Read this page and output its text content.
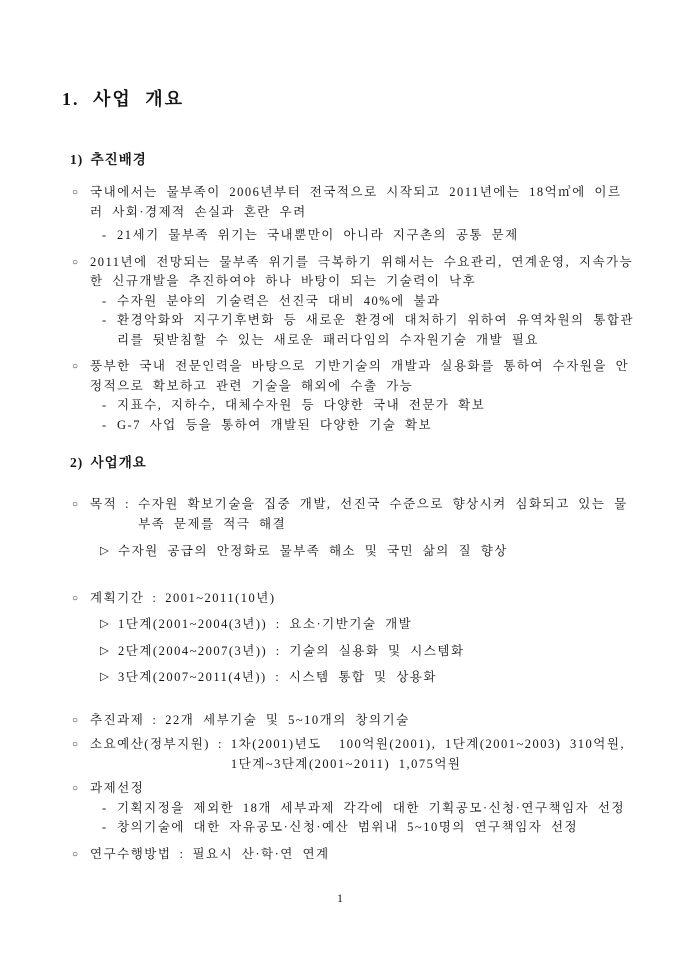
1. 사업 개요
1) 추진배경
○ 국내에서는 물부족이 2006년부터 전국적으로 시작되고 2011년에는 18억㎥에 이르러 사회·경제적 손실과 혼란 우려
- 21세기 물부족 위기는 국내뿐만이 아니라 지구촌의 공통 문제
○ 2011년에 전망되는 물부족 위기를 극복하기 위해서는 수요관리, 연계운영, 지속가능한 신규개발을 추진하여야 하나 바탕이 되는 기술력이 낙후
- 수자원 분야의 기술력은 선진국 대비 40%에 불과
- 환경악화와 지구기후변화 등 새로운 환경에 대처하기 위하여 유역차원의 통합관리를 뒷받침할 수 있는 새로운 패러다임의 수자원기술 개발 필요
○ 풍부한 국내 전문인력을 바탕으로 기반기술의 개발과 실용화를 통하여 수자원을 안정적으로 확보하고 관련 기술을 해외에 수출 가능
- 지표수, 지하수, 대체수자원 등 다양한 국내 전문가 확보
- G-7 사업 등을 통하여 개발된 다양한 기술 확보
2) 사업개요
○ 목적 : 수자원 확보기술을 집중 개발, 선진국 수준으로 향상시켜 심화되고 있는 물부족 문제를 적극 해결
▷ 수자원 공급의 안정화로 물부족 해소 및 국민 삶의 질 향상
○ 계획기간 : 2001~2011(10년)
▷ 1단계(2001~2004(3년)) : 요소·기반기술 개발
▷ 2단계(2004~2007(3년)) : 기술의 실용화 및 시스템화
▷ 3단계(2007~2011(4년)) : 시스템 통합 및 상용화
○ 추진과제 : 22개 세부기술 및 5~10개의 창의기술
○ 소요예산(정부지원) : 1차(2001)년도  100억원(2001), 1단계(2001~2003) 310억원, 1단계~3단계(2001~2011) 1,075억원
○ 과제선정
- 기획지정을 제외한 18개 세부과제 각각에 대한 기획공모·신청·연구책임자 선정
- 창의기술에 대한 자유공모·신청·예산 범위내 5~10명의 연구책임자 선정
○ 연구수행방법 : 필요시 산·학·연 연계
1
